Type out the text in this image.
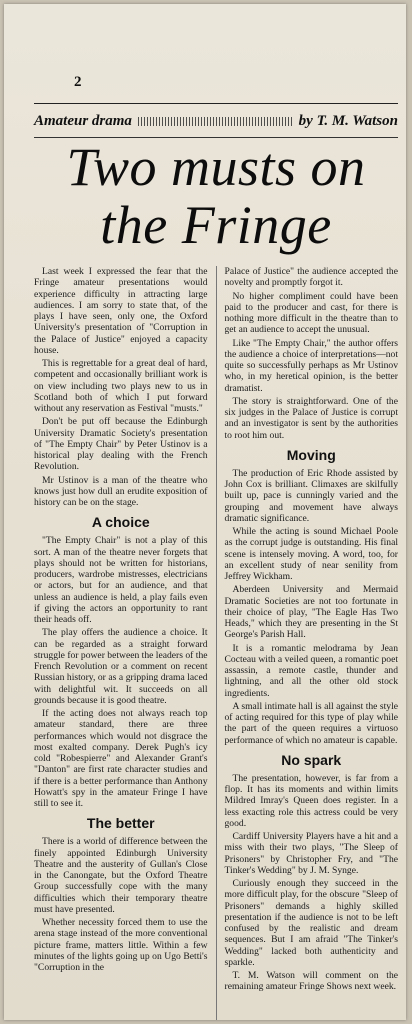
2
Amateur drama	by T. M. Watson
Two musts on
the Fringe

Last week I expressed the fear that the Fringe amateur presentations would experience difficulty in attracting large audiences. I am sorry to state that, of the plays I have seen, only one, the Oxford University's presentation of "Corruption in the Palace of Justice" enjoyed a capacity house.

This is regrettable for a great deal of hard, competent and occasionally brilliant work is on view including two plays new to us in Scotland both of which I put forward without any reservation as Festival "musts."

Don't be put off because the Edinburgh University Dramatic Society's presentation of "The Empty Chair" by Peter Ustinov is a historical play dealing with the French Revolution.

Mr Ustinov is a man of the theatre who knows just how dull an erudite exposition of history can be on the stage.

A choice

"The Empty Chair" is not a play of this sort. A man of the theatre never forgets that plays should not be written for historians, producers, wardrobe mistresses, electricians or actors, but for an audience, and that unless an audience is held, a play fails even if giving the actors an opportunity to rant their heads off.

The play offers the audience a choice. It can be regarded as a straight forward struggle for power between the leaders of the French Revolution or a comment on recent Russian history, or as a gripping drama laced with delightful wit. It succeeds on all grounds because it is good theatre.

If the acting does not always reach top amateur standard, there are three performances which would not disgrace the most exalted company. Derek Pugh's icy cold "Robespierre" and Alexander Grant's "Danton" are first rate character studies and if there is a better performance than Anthony Howatt's spy in the amateur Fringe I have still to see it.

The better

There is a world of difference between the finely appointed Edinburgh University Theatre and the austerity of Gullan's Close in the Canongate, but the Oxford Theatre Group successfully cope with the many difficulties which their temporary theatre must have presented.

Whether necessity forced them to use the arena stage instead of the more conventional picture frame, matters little. Within a few minutes of the lights going up on Ugo Betti's "Corruption in the

Palace of Justice" the audience accepted the novelty and promptly forgot it.

No higher compliment could have been paid to the producer and cast, for there is nothing more difficult in the theatre than to get an audience to accept the unusual.

Like "The Empty Chair," the author offers the audience a choice of interpretations—not quite so successfully perhaps as Mr Ustinov who, in my heretical opinion, is the better dramatist.

The story is straightforward. One of the six judges in the Palace of Justice is corrupt and an investigator is sent by the authorities to root him out.

Moving

The production of Eric Rhode assisted by John Cox is brilliant. Climaxes are skilfully built up, pace is cunningly varied and the grouping and movement have always dramatic significance.

While the acting is sound Michael Poole as the corrupt judge is outstanding. His final scene is intensely moving. A word, too, for an excellent study of near senility from Jeffrey Wickham.

Aberdeen University and Mermaid Dramatic Societies are not too fortunate in their choice of play, "The Eagle Has Two Heads," which they are presenting in the St George's Parish Hall.

It is a romantic melodrama by Jean Cocteau with a veiled queen, a romantic poet assassin, a remote castle, thunder and lightning, and all the other old stock ingredients.

A small intimate hall is all against the style of acting required for this type of play while the part of the queen requires a virtuoso performance of which no amateur is capable.

No spark

The presentation, however, is far from a flop. It has its moments and within limits Mildred Imray's Queen does register. In a less exacting role this actress could be very good.

Cardiff University Players have a hit and a miss with their two plays, "The Sleep of Prisoners" by Christopher Fry, and "The Tinker's Wedding" by J. M. Synge.

Curiously enough they succeed in the more difficult play, for the obscure "Sleep of Prisoners" demands a highly skilled presentation if the audience is not to be left confused by the realistic and dream sequences. But I am afraid "The Tinker's Wedding" lacked both authenticity and sparkle.

T. M. Watson will comment on the remaining amateur Fringe Shows next week.
